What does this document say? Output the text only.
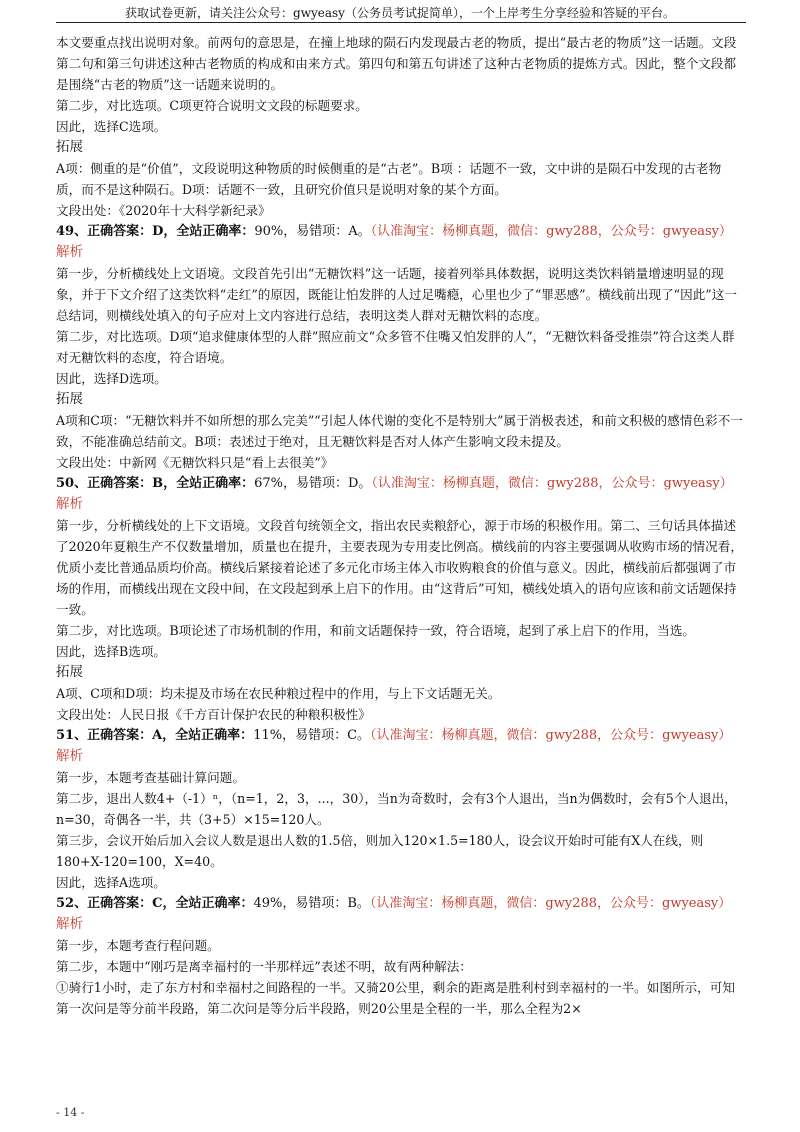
获取试卷更新，请关注公众号：gwyeasy（公务员考试捉简单），一个上岸考生分享经验和答疑的平台。

本文要重点找出说明对象。前两句的意思是，在撞上地球的陨石内发现最古老的物质，提出“最古老的物质”这一话题。文段第二句和第三句讲述这种古老物质的构成和由来方式。第四句和第五句讲述了这种古老物质的提炼方式。因此，整个文段都是围绕“古老的物质”这一话题来说明的。

第二步，对比选项。C项更符合说明文文段的标题要求。

因此，选择C选项。

拓展

A项：侧重的是“价值”，文段说明这种物质的时候侧重的是“古老”。B项 ：话题不一致，文中讲的是陨石中发现的古老物质，而不是这种陨石。D项：话题不一致，且研究价值只是说明对象的某个方面。

文段出处：《2020年十大科学新纪录》

49、正确答案：D，全站正确率：90%，易错项：A。（认准淘宝：杨柳真题，微信：gwy288，公众号：gwyeasy）

解析

第一步，分析横线处上文语境。文段首先引出“无糖饮料”这一话题，接着列举具体数据，说明这类饮料销量增速明显的现象，并于下文介绍了这类饮料“走红”的原因，既能让怕发胖的人过足嘴瘾，心里也少了“罪恶感”。横线前出现了“因此”这一总结词，则横线处填入的句子应对上文内容进行总结，表明这类人群对无糖饮料的态度。

第二步，对比选项。D项“追求健康体型的人群”照应前文“众多管不住嘴又怕发胖的人”，“无糖饮料备受推崇”符合这类人群对无糖饮料的态度，符合语境。

因此，选择D选项。

拓展

A项和C项：“无糖饮料并不如所想的那么完美”“引起人体代谢的变化不是特别大”属于消极表述，和前文积极的感情色彩不一致，不能准确总结前文。B项：表述过于绝对，且无糖饮料是否对人体产生影响文段未提及。

文段出处：中新网《无糖饮料只是“看上去很美”》

50、正确答案：B，全站正确率：67%，易错项：D。（认准淘宝：杨柳真题，微信：gwy288，公众号：gwyeasy）

解析

第一步，分析横线处的上下文语境。文段首句统领全文，指出农民卖粮舒心，源于市场的积极作用。第二、三句话具体描述了2020年夏粮生产不仅数量增加，质量也在提升，主要表现为专用麦比例高。横线前的内容主要强调从收购市场的情况看，优质小麦比普通品质均价高。横线后紧接着论述了多元化市场主体入市收购粮食的价值与意义。因此，横线前后都强调了市场的作用，而横线出现在文段中间，在文段起到承上启下的作用。由“这背后”可知，横线处填入的语句应该和前文话题保持一致。

第二步，对比选项。B项论述了市场机制的作用，和前文话题保持一致，符合语境，起到了承上启下的作用，当选。

因此，选择B选项。

拓展

A项、C项和D项：均未提及市场在农民种粮过程中的作用，与上下文话题无关。

文段出处：人民日报《千方百计保护农民的种粮积极性》

51、正确答案：A，全站正确率：11%，易错项：C。（认准淘宝：杨柳真题，微信：gwy288，公众号：gwyeasy）

解析

第一步，本题考查基础计算问题。

第二步，退出人数4+（-1）ⁿ，（n=1，2，3，...，30），当n为奇数时，会有3个人退出，当n为偶数时，会有5个人退出，n=30，奇偶各一半，共（3+5）×15=120人。

第三步，会议开始后加入会议人数是退出人数的1.5倍，则加入120×1.5=180人，设会议开始时可能有X人在线，则180+X-120=100，X=40。

因此，选择A选项。

52、正确答案：C，全站正确率：49%，易错项：B。（认准淘宝：杨柳真题，微信：gwy288，公众号：gwyeasy）

解析

第一步，本题考查行程问题。

第二步，本题中“刚巧是离幸福村的一半那样远”表述不明，故有两种解法：

①骑行1小时，走了东方村和幸福村之间路程的一半。又骑20公里，剩余的距离是胜利村到幸福村的一半。如图所示，可知第一次问是等分前半段路，第二次问是等分后半段路，则20公里是全程的一半，那么全程为2×

- 14 -
